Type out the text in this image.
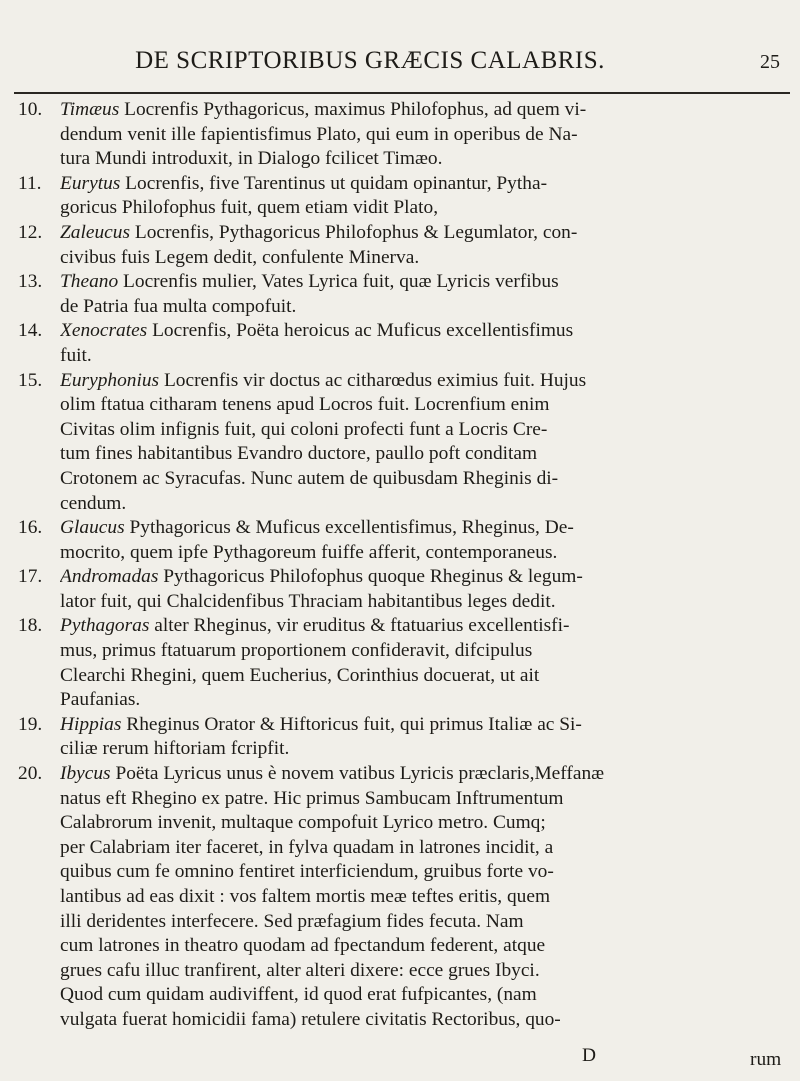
DE SCRIPTORIBUS GRÆCIS CALABRIS.	25
10. Timæus Locrenfis Pythagoricus, maximus Philofophus, ad quem vi-
dendum venit ille fapientisfimus Plato, qui eum in operibus de Na-
tura Mundi introduxit, in Dialogo fcilicet Timæo.
11. Eurytus Locrenfis, five Tarentinus ut quidam opinantur, Pytha-
goricus Philofophus fuit, quem etiam vidit Plato,
12. Zaleucus Locrenfis, Pythagoricus Philofophus & Legumlator, con-
civibus fuis Legem dedit, confulente Minerva.
13. Theano Locrenfis mulier, Vates Lyrica fuit, quæ Lyricis verfibus
de Patria fua multa compofuit.
14. Xenocrates Locrenfis, Poëta heroicus ac Muficus excellentisfimus
fuit.
15. Euryphonius Locrenfis vir doctus ac citharœdus eximius fuit. Hujus
olim ftatua citharam tenens apud Locros fuit. Locrenfium enim
Civitas olim infignis fuit, qui coloni profecti funt a Locris Cre-
tum fines habitantibus Evandro ductore, paullo poft conditam
Crotonem ac Syracufas. Nunc autem de quibusdam Rheginis di-
cendum.
16. Glaucus Pythagoricus & Muficus excellentisfimus, Rheginus, De-
mocrito, quem ipfe Pythagoreum fuiffe afferit, contemporaneus.
17. Andromadas Pythagoricus Philofophus quoque Rheginus & legum-
lator fuit, qui Chalcidenfibus Thraciam habitantibus leges dedit.
18. Pythagoras alter Rheginus, vir eruditus & ftatuarius excellentisfi-
mus, primus ftatuarum proportionem confideravit, difcipulus
Clearchi Rhegini, quem Eucherius, Corinthius docuerat, ut ait
Paufanias.
19. Hippias Rheginus Orator & Hiftoricus fuit, qui primus Italiæ ac Si-
ciliæ rerum hiftoriam fcripfit.
20. Ibycus Poëta Lyricus unus è novem vatibus Lyricis præclaris,Meffanæ
natus eft Rhegino ex patre. Hic primus Sambucam Inftrumentum
Calabrorum invenit, multaque compofuit Lyrico metro. Cumq;
per Calabriam iter faceret, in fylva quadam in latrones incidit, a
quibus cum fe omnino fentiret interficiendum, gruibus forte vo-
lantibus ad eas dixit : vos faltem mortis meæ teftes eritis, quem
illi deridentes interfecere. Sed præfagium fides fecuta. Nam
cum latrones in theatro quodam ad fpectandum federent, atque
grues cafu illuc tranfirent, alter alteri dixere: ecce grues Ibyci.
Quod cum quidam audiviffent, id quod erat fufpicantes, (nam
vulgata fuerat homicidii fama) retulere civitatis Rectoribus, quo-
D	rum
